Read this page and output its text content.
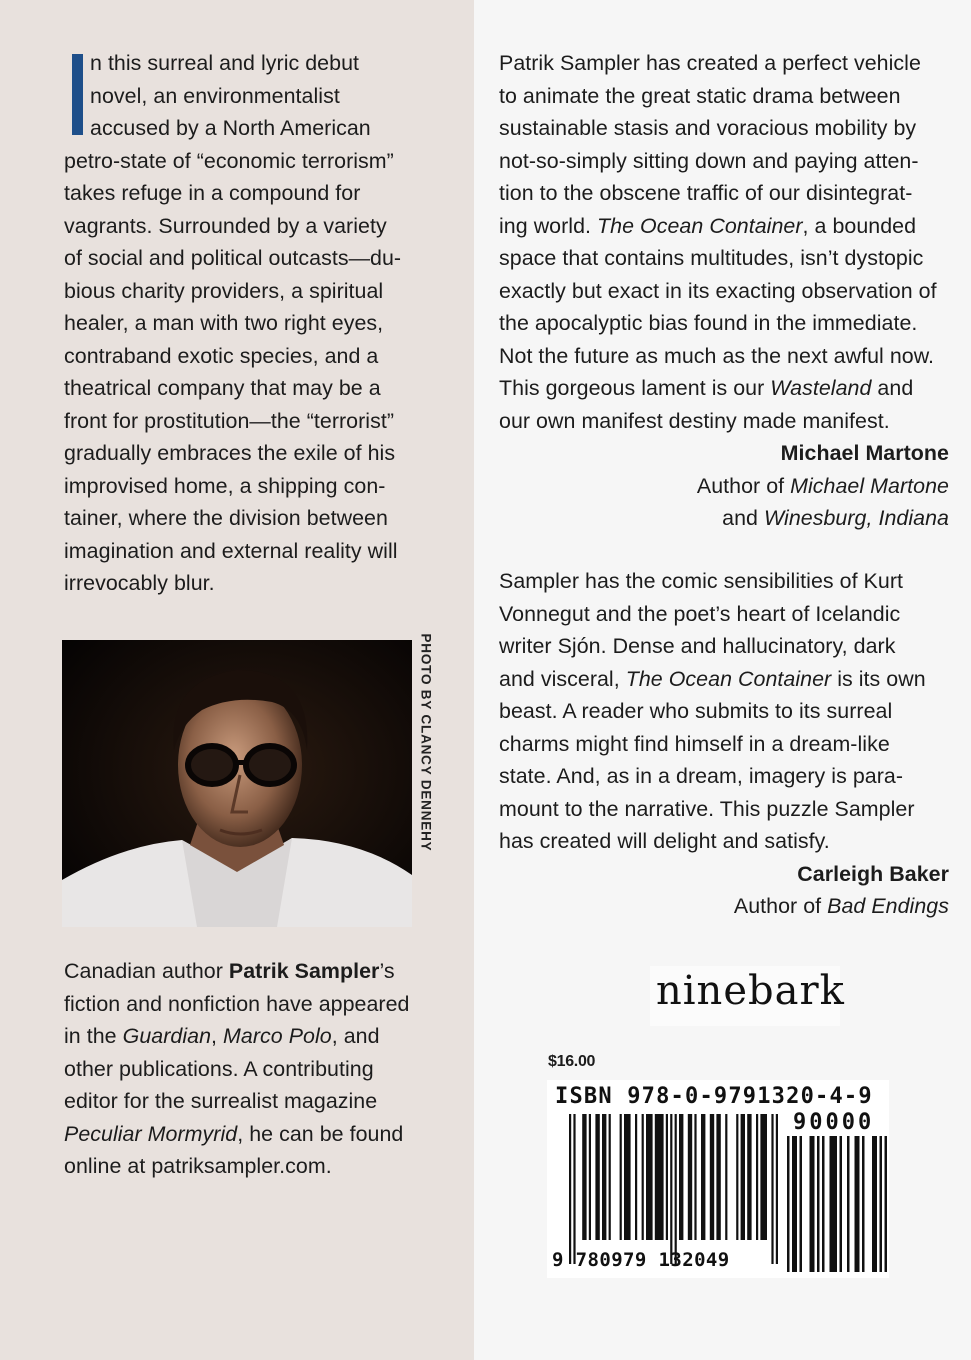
n this surreal and lyric debut
novel, an environmentalist
accused by a North American
petro-state of “economic terrorism”
takes refuge in a compound for
vagrants. Surrounded by a variety
of social and political outcasts—du-
bious charity providers, a spiritual
healer, a man with two right eyes,
contraband exotic species, and a
theatrical company that may be a
front for prostitution—the “terrorist”
gradually embraces the exile of his
improvised home, a shipping con-
tainer, where the division between
imagination and external reality will
irrevocably blur.
PHOTO BY CLANCY DENNEHY
Canadian author Patrik Sampler’s
fiction and nonfiction have appeared
in the Guardian, Marco Polo, and
other publications. A contributing
editor for the surrealist magazine
Peculiar Mormyrid, he can be found
online at patriksampler.com.
Patrik Sampler has created a perfect vehicle
to animate the great static drama between
sustainable stasis and voracious mobility by
not-so-simply sitting down and paying atten-
tion to the obscene traffic of our disintegrat-
ing world. The Ocean Container, a bounded
space that contains multitudes, isn’t dystopic
exactly but exact in its exacting observation of
the apocalyptic bias found in the immediate.
Not the future as much as the next awful now.
This gorgeous lament is our Wasteland and
our own manifest destiny made manifest.
Michael Martone
Author of Michael Martone
and Winesburg, Indiana
Sampler has the comic sensibilities of Kurt
Vonnegut and the poet’s heart of Icelandic
writer Sjón. Dense and hallucinatory, dark
and visceral, The Ocean Container is its own
beast. A reader who submits to its surreal
charms might find himself in a dream-like
state. And, as in a dream, imagery is para-
mount to the narrative. This puzzle Sampler
has created will delight and satisfy.
Carleigh Baker
Author of Bad Endings
ninebark
$16.00
ISBN 978-0-9791320-4-9
90000
9 780979 132049
